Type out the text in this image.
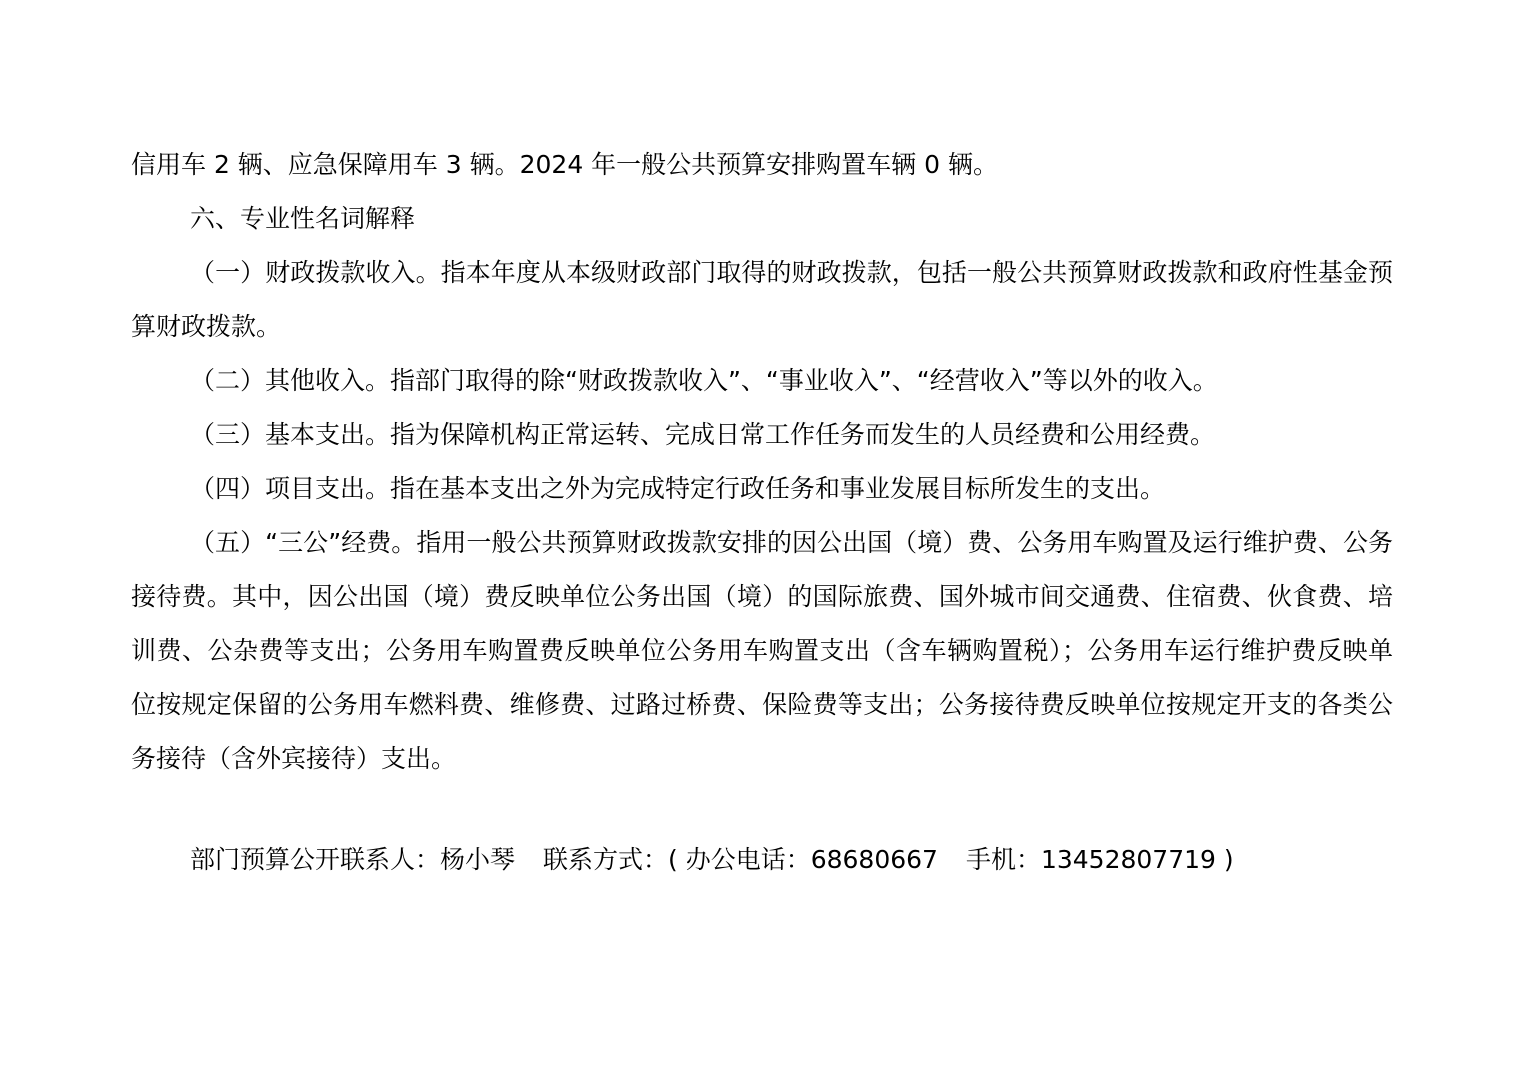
信用车 2 辆、应急保障用车 3 辆。2024 年一般公共预算安排购置车辆 0 辆。

六、专业性名词解释

（一）财政拨款收入。指本年度从本级财政部门取得的财政拨款，包括一般公共预算财政拨款和政府性基金预算财政拨款。

（二）其他收入。指部门取得的除“财政拨款收入”、“事业收入”、“经营收入”等以外的收入。

（三）基本支出。指为保障机构正常运转、完成日常工作任务而发生的人员经费和公用经费。

（四）项目支出。指在基本支出之外为完成特定行政任务和事业发展目标所发生的支出。

（五）“三公”经费。指用一般公共预算财政拨款安排的因公出国（境）费、公务用车购置及运行维护费、公务接待费。其中，因公出国（境）费反映单位公务出国（境）的国际旅费、国外城市间交通费、住宿费、伙食费、培训费、公杂费等支出；公务用车购置费反映单位公务用车购置支出（含车辆购置税）；公务用车运行维护费反映单位按规定保留的公务用车燃料费、维修费、过路过桥费、保险费等支出；公务接待费反映单位按规定开支的各类公务接待（含外宾接待）支出。

部门预算公开联系人：杨小琴 联系方式：( 办公电话：68680667 手机：13452807719 )
